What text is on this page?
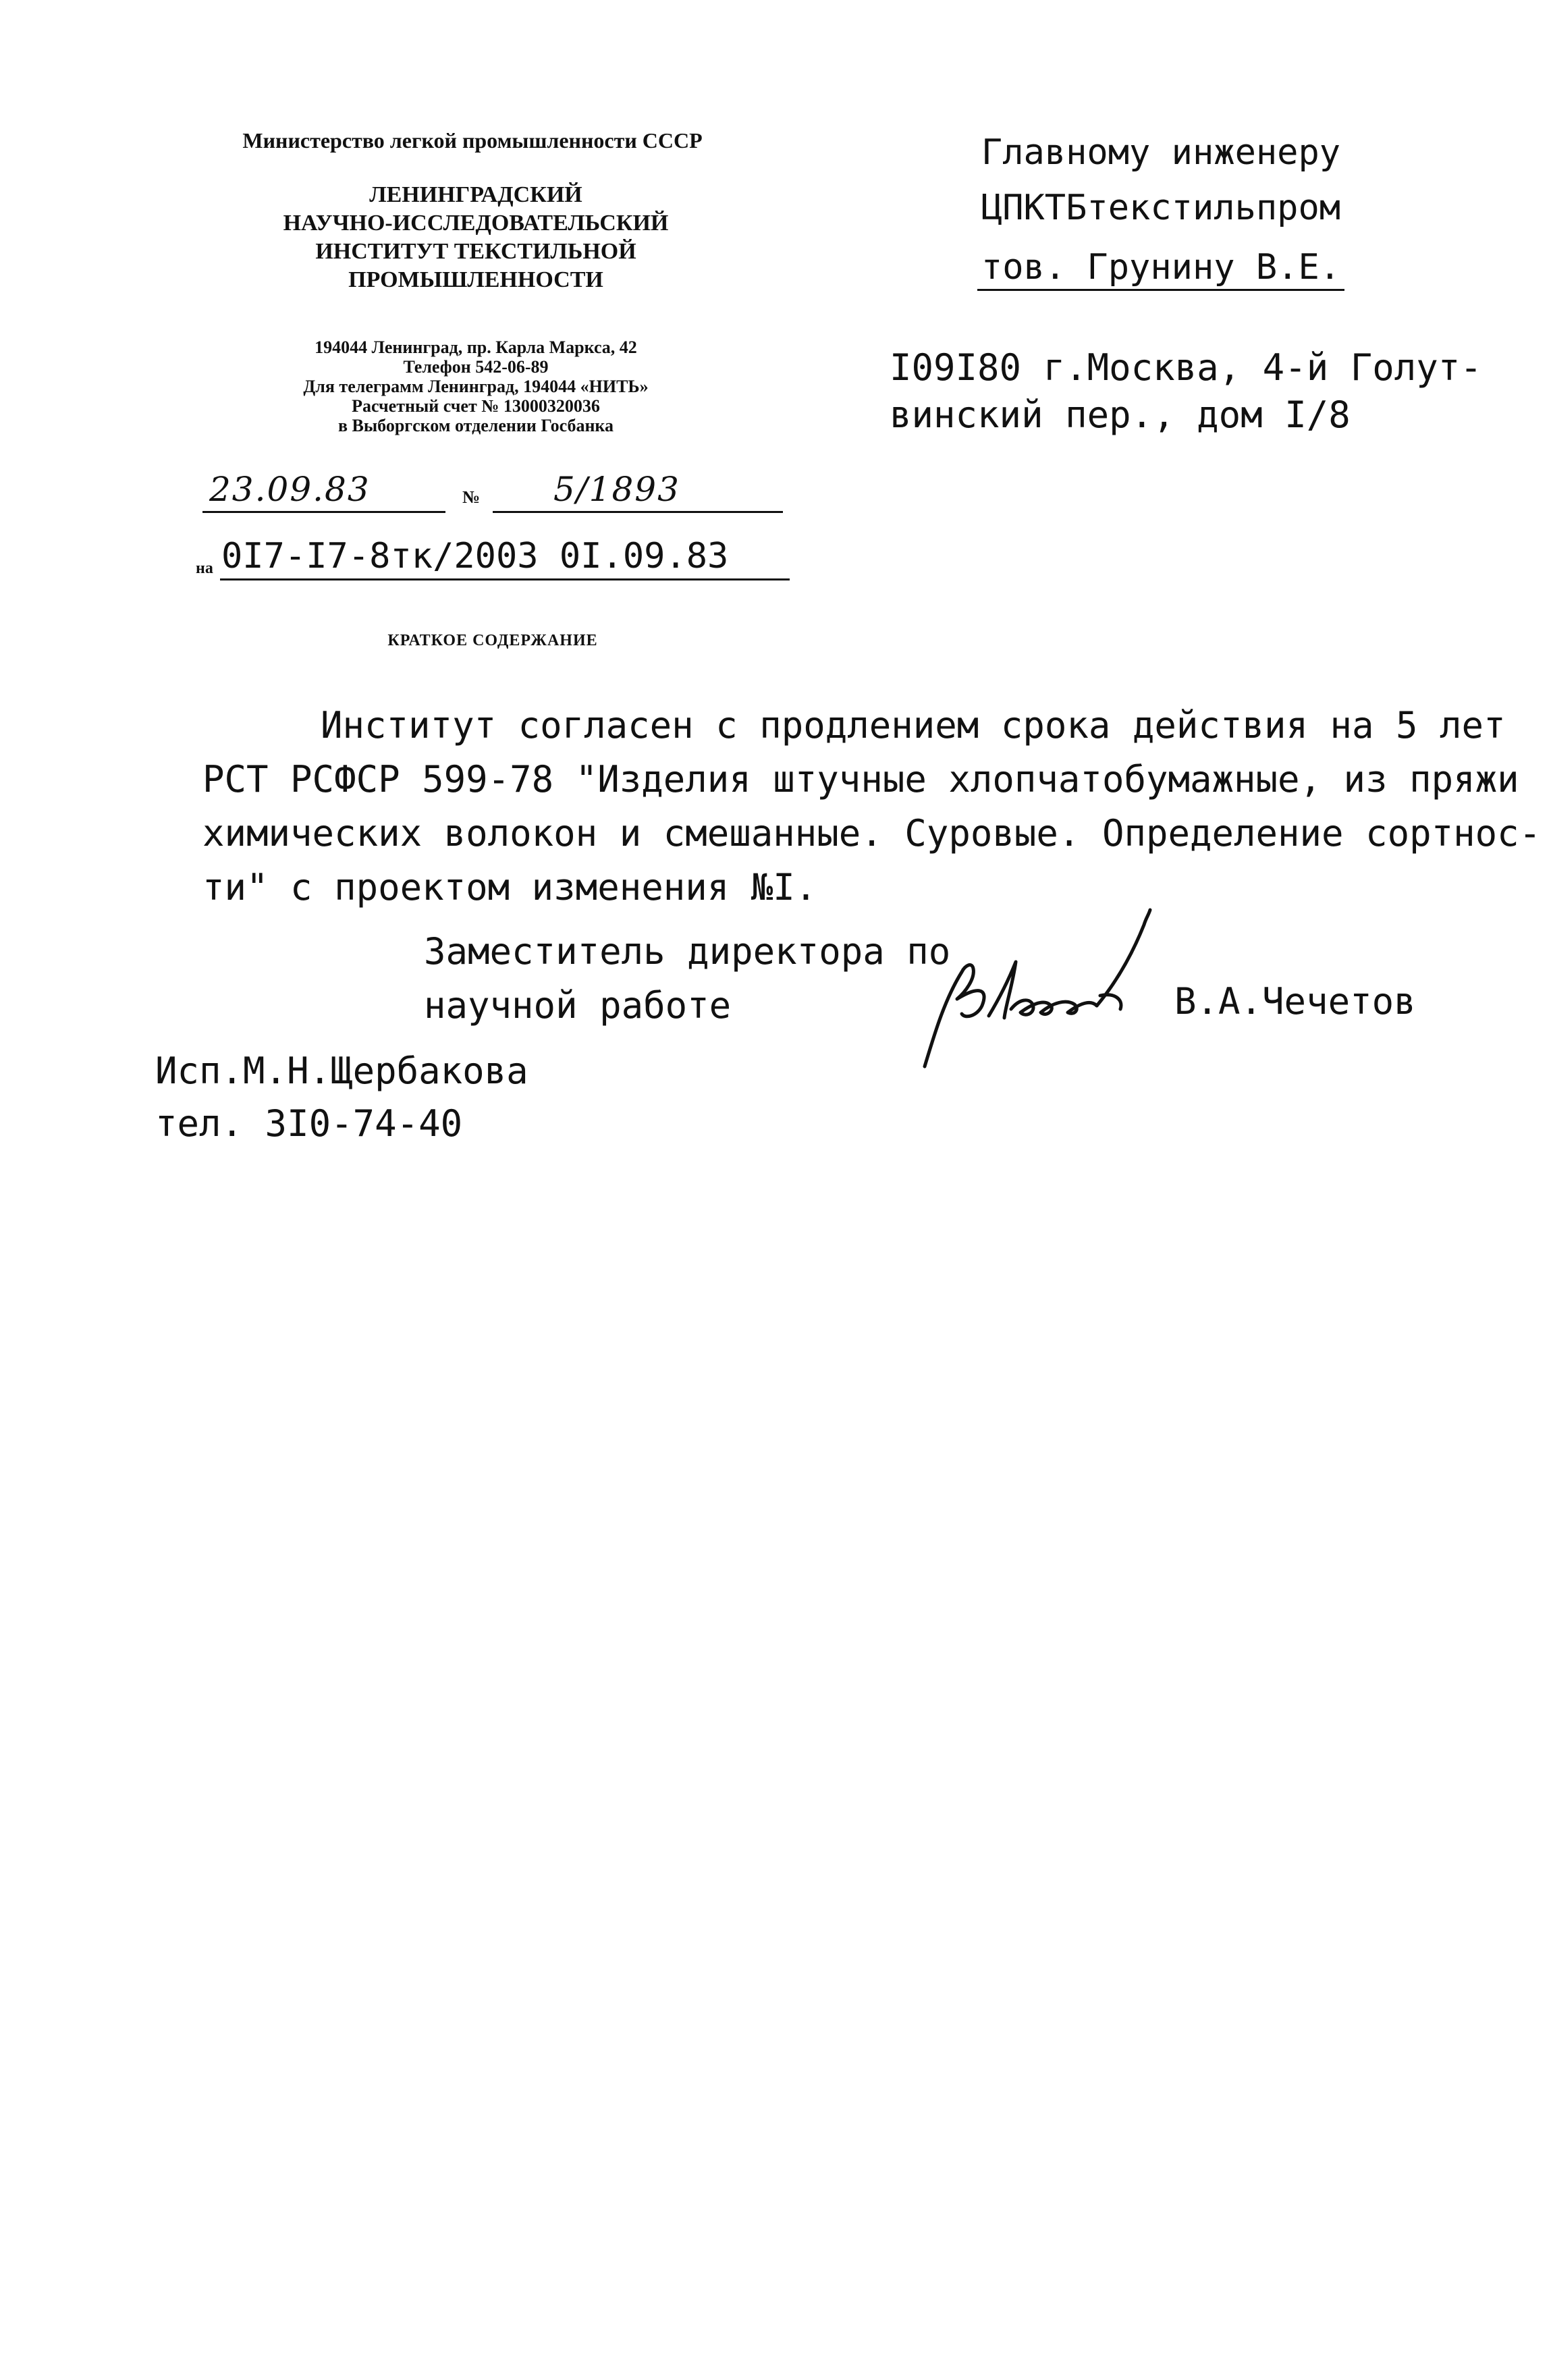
Министерство легкой промышленности СССР
ЛЕНИНГРАДСКИЙ
НАУЧНО-ИССЛЕДОВАТЕЛЬСКИЙ
ИНСТИТУТ ТЕКСТИЛЬНОЙ
ПРОМЫШЛЕННОСТИ
194044 Ленинград, пр. Карла Маркса, 42
Телефон 542-06-89
Для телеграмм Ленинград, 194044 «НИТЬ»
Расчетный счет № 13000320036
в Выборгском отделении Госбанка
Главному инженеру
ЦПКТБтекстильпром
тов. Грунину В.Е.
I09I80 г.Москва, 4-й Голут-
винский пер., дом I/8
23.09.83	№ 5/1893
на 0I7-I7-8тк/2003 0I.09.83
КРАТКОЕ СОДЕРЖАНИЕ
Институт согласен с продлением срока действия на 5 лет
РСТ РСФСР 599-78 "Изделия штучные хлопчатобумажные, из пряжи
химических волокон и смешанные. Суровые. Определение сортнос-
ти" с проектом изменения №I.
Заместитель директора по
научной работе	В.А.Чечетов
Исп.М.Н.Щербакова
тел. 3I0-74-40
